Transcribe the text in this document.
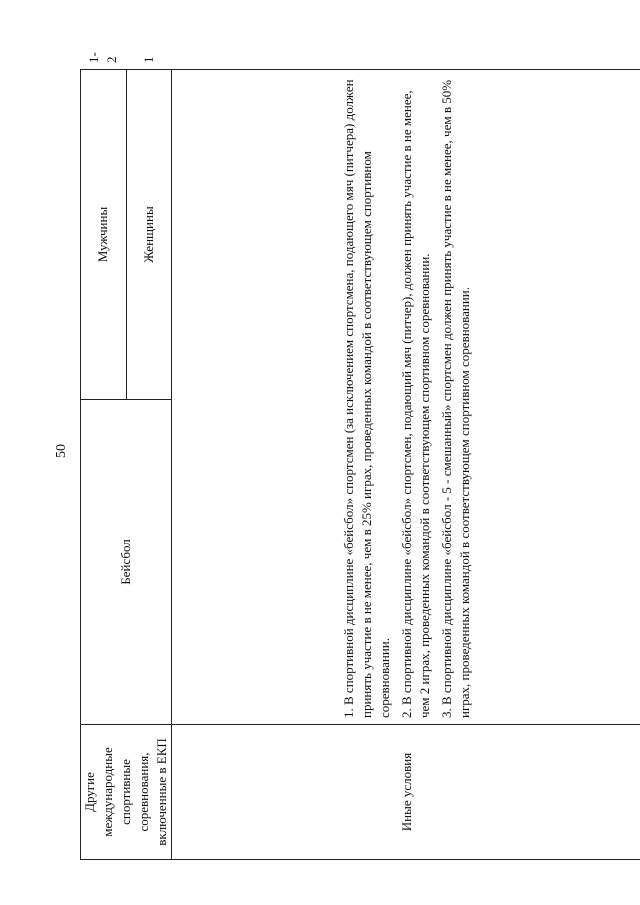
50
Другие международные спортивные соревнования, включенные в ЕКП	Бейсбол	Мужчины	1-2
		Женщины	1
Иные условия	1. В спортивной дисциплине «бейсбол» спортсмен (за исключением спортсмена, подающего мяч (питчера) должен принять участие в не менее, чем в 25% играх, проведенных командой в соответствующем спортивном соревновании. 2. В спортивной дисциплине «бейсбол» спортсмен, подающий мяч (питчер), должен принять участие в не менее, чем 2 играх, проведенных командой в соответствующем спортивном соревновании. 3. В спортивной дисциплине «бейсбол - 5 - смешанный» спортсмен должен принять участие в не менее, чем в 50% играх, проведенных командой в соответствующем спортивном соревновании.		
